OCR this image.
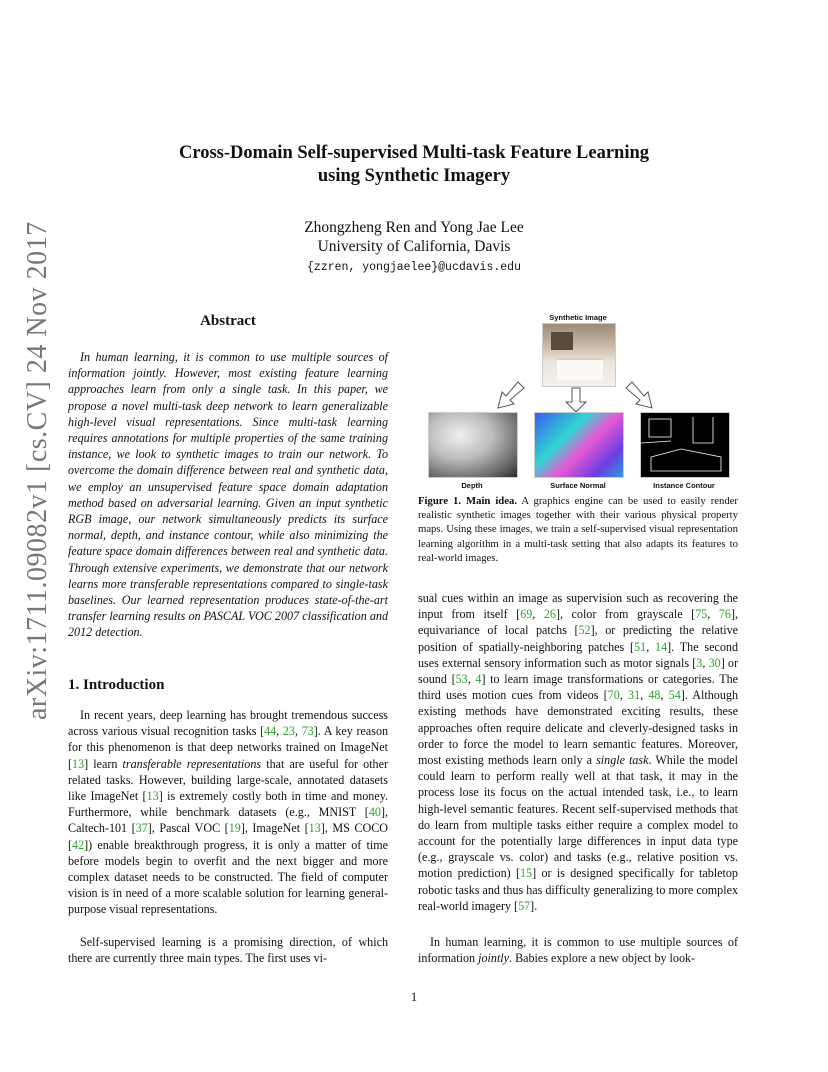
arXiv:1711.09082v1 [cs.CV] 24 Nov 2017
Cross-Domain Self-supervised Multi-task Feature Learning
using Synthetic Imagery
Zhongzheng Ren and Yong Jae Lee
University of California, Davis
{zzren, yongjaelee}@ucdavis.edu
Abstract
In human learning, it is common to use multiple sources of information jointly. However, most existing feature learning approaches learn from only a single task. In this paper, we propose a novel multi-task deep network to learn generalizable high-level visual representations. Since multi-task learning requires annotations for multiple properties of the same training instance, we look to synthetic images to train our network. To overcome the domain difference between real and synthetic data, we employ an unsupervised feature space domain adaptation method based on adversarial learning. Given an input synthetic RGB image, our network simultaneously predicts its surface normal, depth, and instance contour, while also minimizing the feature space domain differences between real and synthetic data. Through extensive experiments, we demonstrate that our network learns more transferable representations compared to single-task baselines. Our learned representation produces state-of-the-art transfer learning results on PASCAL VOC 2007 classification and 2012 detection.
1. Introduction
In recent years, deep learning has brought tremendous success across various visual recognition tasks [44, 23, 73]. A key reason for this phenomenon is that deep networks trained on ImageNet [13] learn transferable representations that are useful for other related tasks. However, building large-scale, annotated datasets like ImageNet [13] is extremely costly both in time and money. Furthermore, while benchmark datasets (e.g., MNIST [40], Caltech-101 [37], Pascal VOC [19], ImageNet [13], MS COCO [42]) enable breakthrough progress, it is only a matter of time before models begin to overfit and the next bigger and more complex dataset needs to be constructed. The field of computer vision is in need of a more scalable solution for learning general-purpose visual representations.
Self-supervised learning is a promising direction, of which there are currently three main types. The first uses vi-
Synthetic Image
Depth	Surface Normal	Instance Contour
Figure 1. Main idea. A graphics engine can be used to easily render realistic synthetic images together with their various physical property maps. Using these images, we train a self-supervised visual representation learning algorithm in a multi-task setting that also adapts its features to real-world images.
sual cues within an image as supervision such as recovering the input from itself [69, 26], color from grayscale [75, 76], equivariance of local patchs [52], or predicting the relative position of spatially-neighboring patches [51, 14]. The second uses external sensory information such as motor signals [3, 30] or sound [53, 4] to learn image transformations or categories. The third uses motion cues from videos [70, 31, 48, 54]. Although existing methods have demonstrated exciting results, these approaches often require delicate and cleverly-designed tasks in order to force the model to learn semantic features. Moreover, most existing methods learn only a single task. While the model could learn to perform really well at that task, it may in the process lose its focus on the actual intended task, i.e., to learn high-level semantic features. Recent self-supervised methods that do learn from multiple tasks either require a complex model to account for the potentially large differences in input data type (e.g., grayscale vs. color) and tasks (e.g., relative position vs. motion prediction) [15] or is designed specifically for tabletop robotic tasks and thus has difficulty generalizing to more complex real-world imagery [57].
In human learning, it is common to use multiple sources of information jointly. Babies explore a new object by look-
1
